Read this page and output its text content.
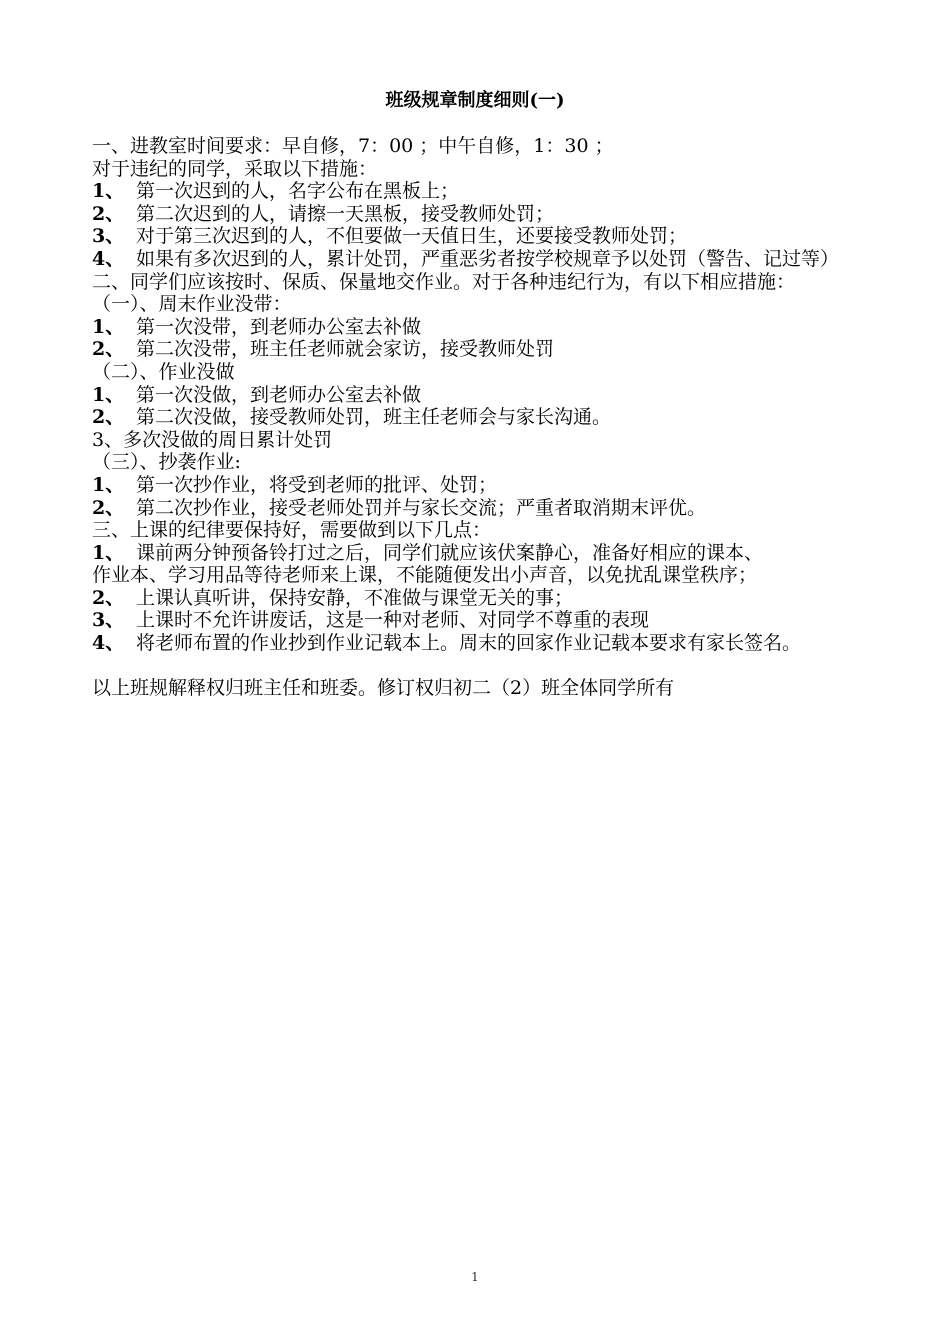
班级规章制度细则(一)
一、进教室时间要求：早自修，7：00 ；中午自修，1：30 ；
对于违纪的同学，采取以下措施：
1、 第一次迟到的人，名字公布在黑板上；
2、 第二次迟到的人，请擦一天黑板，接受教师处罚；
3、 对于第三次迟到的人，不但要做一天值日生，还要接受教师处罚；
4、 如果有多次迟到的人，累计处罚，严重恶劣者按学校规章予以处罚（警告、记过等）
二、 同学们应该按时、保质、保量地交作业。对于各种违纪行为，有以下相应措施：
（一）、周末作业没带：
1、 第一次没带，到老师办公室去补做
2、 第二次没带，班主任老师就会家访，接受教师处罚
（二）、作业没做
1、 第一次没做，到老师办公室去补做
2、 第二次没做，接受教师处罚，班主任老师会与家长沟通。
3、多次没做的周日累计处罚
（三）、抄袭作业:
1、 第一次抄作业，将受到老师的批评、处罚；
2、 第二次抄作业，接受老师处罚并与家长交流；严重者取消期末评优。
三、上课的纪律要保持好，需要做到以下几点：
1、 课前两分钟预备铃打过之后，同学们就应该伏案静心，准备好相应的课本、
作业本、学习用品等待老师来上课，不能随便发出小声音，以免扰乱课堂秩序；
2、 上课认真听讲，保持安静，不准做与课堂无关的事；
3、 上课时不允许讲废话，这是一种对老师、对同学不尊重的表现
4、 将老师布置的作业抄到作业记载本上。周末的回家作业记载本要求有家长签名。
以上班规解释权归班主任和班委。修订权归初二（2）班全体同学所有
1
